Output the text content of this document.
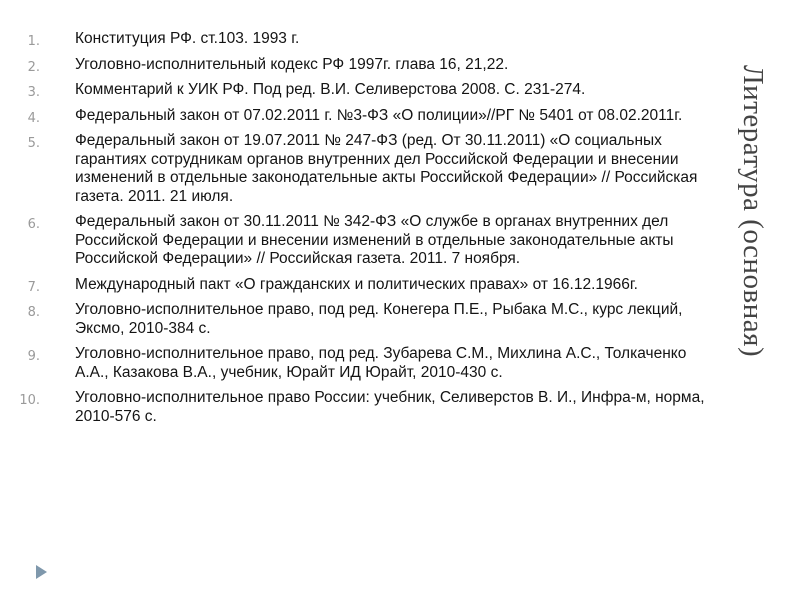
1. Конституция РФ. ст.103. 1993 г.
2. Уголовно-исполнительный кодекс РФ 1997г. глава 16, 21,22.
3. Комментарий к УИК РФ. Под ред. В.И. Селиверстова 2008. С. 231-274.
4. Федеральный закон от 07.02.2011 г. №3-ФЗ «О полиции»//РГ № 5401 от 08.02.2011г.
5. Федеральный закон от 19.07.2011 № 247-ФЗ (ред. От 30.11.2011) «О социальных гарантиях сотрудникам органов внутренних дел Российской Федерации и внесении изменений в отдельные законодательные акты Российской Федерации» // Российская газета. 2011. 21 июля.
6. Федеральный закон от 30.11.2011 № 342-ФЗ «О службе в органах внутренних дел Российской Федерации и внесении изменений в отдельные законодательные акты Российской Федерации» // Российская газета. 2011. 7 ноября.
7. Международный пакт «О гражданских и политических правах» от 16.12.1966г.
8. Уголовно-исполнительное право, под ред. Конегера П.Е., Рыбака М.С., курс лекций, Эксмо, 2010-384 с.
9. Уголовно-исполнительное право, под ред. Зубарева С.М., Михлина А.С., Толкаченко А.А., Казакова В.А., учебник, Юрайт ИД Юрайт, 2010-430 с.
10. Уголовно-исполнительное право России: учебник, Селиверстов В. И., Инфра-м, норма, 2010-576 с.
Литература (основная)
